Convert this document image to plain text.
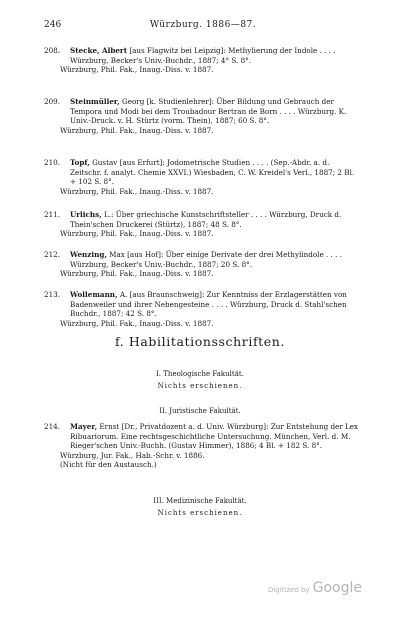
246	Würzburg. 1886—87.
208. Stecke, Albert [aus Flagwitz bei Leipzig]: Methylierung der Indole . . . . Würzburg, Becker's Univ.-Buchdr., 1887; 4° S. 8°.
Würzburg, Phil. Fak., Inaug.-Diss. v. 1887.
209. Steinmüller, Georg [k. Studienlehrer]: Über Bildung und Gebrauch der Tempora und Modi bei dem Troubadour Bertran de Born . . . . Würzburg. K. Univ.-Druck. v. H. Stürtz (vorm. Thein), 1887; 60 S. 8°.
Würzburg, Phil. Fak., Inaug.-Diss. v. 1887.
210. Topf, Gustav [aus Erfurt]: Jodometrische Studien . . . . (Sep.-Abdr. a. d. Zeitschr. f. analyt. Chemie XXVI.) Wiesbaden, C. W. Kreidel's Verl., 1887; 2 Bl. + 102 S. 8°.
Würzburg, Phil. Fak., Inaug.-Diss. v. 1887.
211. Urlichs, L.: Über griechische Kunstschriftsteller . . . . Würzburg, Druck d. Thein'schen Druckerei (Stürtz), 1887; 48 S. 8°.
Würzburg, Phil. Fak., Inaug.-Diss. v. 1887.
212. Wenzing, Max [aus Hof]: Über einige Derivate der drei Methylindole . . . . Würzburg, Becker's Univ.-Buchdr., 1887; 20 S. 8°.
Würzburg, Phil. Fak., Inaug.-Diss. v. 1887.
213. Wollemann, A. [aus Braunschweig]: Zur Kenntniss der Erzlagerstätten von Badenweiler und ihrer Nebengesteine . . . . Würzburg, Druck d. Stahl'schen Buchdr., 1887; 42 S. 8°.
Würzburg, Phil. Fak., Inaug.-Diss. v. 1887.
f. Habilitationsschriften.
I. Theologische Fakultät.
Nichts erschienen.
II. Juristische Fakultät.
214. Mayer, Ernst [Dr., Privatdozent a. d. Univ. Würzburg]: Zur Entstehung der Lex Ribuariorum. Eine rechtsgeschichtliche Untersuchung. München, Verl. d. M. Rieger'schen Univ.-Buchh. (Gustav Himmer), 1886; 4 Bl. + 182 S. 8°.
Würzburg, Jur. Fak., Hab.-Schr. v. 1886.
(Nicht für den Austausch.)
III. Medizinische Fakultät.
Nichts erschienen.
Digitized by Google
